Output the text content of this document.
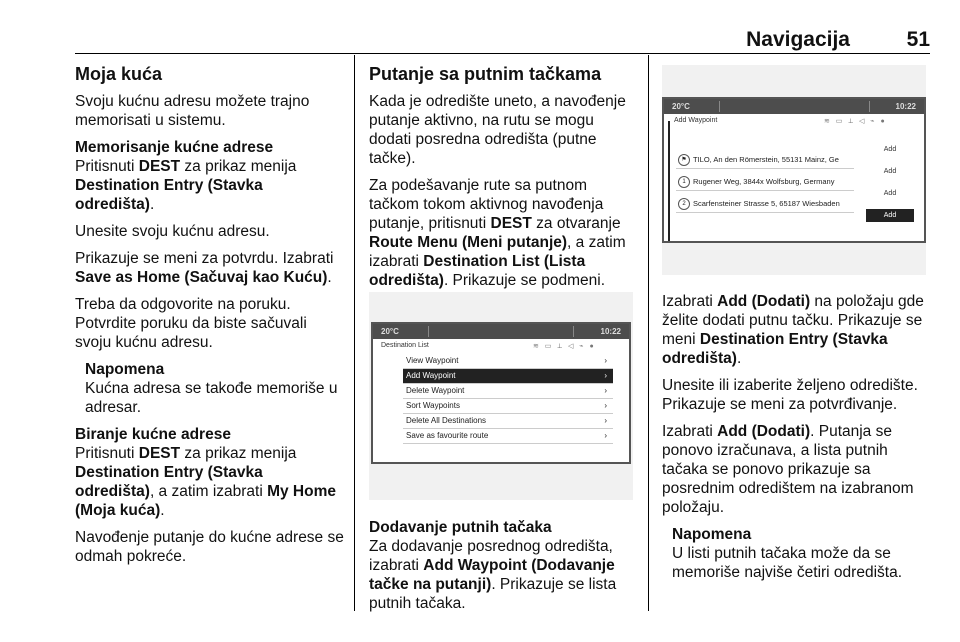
Navigacija	51
Moja kuća

Svoju kućnu adresu možete trajno memorisati u sistemu.

Memorisanje kućne adrese

Pritisnuti DEST za prikaz menija Destination Entry (Stavka odredišta).

Unesite svoju kućnu adresu.

Prikazuje se meni za potvrdu. Izabrati Save as Home (Sačuvaj kao Kuću).

Treba da odgovorite na poruku. Potvrdite poruku da biste sačuvali svoju kućnu adresu.

Napomena

Kućna adresa se takođe memoriše u adresar.

Biranje kućne adrese

Pritisnuti DEST za prikaz menija Destination Entry (Stavka odredišta), a zatim izabrati My Home (Moja kuća).

Navođenje putanje do kućne adrese se odmah pokreće.

Putanje sa putnim tačkama

Kada je odredište uneto, a navođenje putanje aktivno, na rutu se mogu dodati posredna odredišta (putne tačke).

Za podešavanje rute sa putnom tačkom tokom aktivnog navođenja putanje, pritisnuti DEST za otvaranje Route Menu (Meni putanje), a zatim izabrati Destination List (Lista odredišta). Prikazuje se podmeni.

20°C	10:22
Destination List	≋ ▭ ⟂ ◁ ⌁ ●
View Waypoint	›
Add Waypoint	›
Delete Waypoint	›
Sort Waypoints	›
Delete All Destinations	›
Save as favourite route	›
Dodavanje putnih tačaka

Za dodavanje posrednog odredišta, izabrati Add Waypoint (Dodavanje tačke na putanji). Prikazuje se lista putnih tačaka.

20°C	10:22
Add Waypoint	≋ ▭ ⟂ ◁ ⌁ ●
⚑ TILO, An den Römerstein, 55131 Mainz, Ge
1 Rugener Weg, 3844x Wolfsburg, Germany
2 Scarfensteiner Strasse 5, 65187 Wiesbaden
Add
Add
Add
Add

Izabrati Add (Dodati) na položaju gde želite dodati putnu tačku. Prikazuje se meni Destination Entry (Stavka odredišta).

Unesite ili izaberite željeno odredište. Prikazuje se meni za potvrđivanje.

Izabrati Add (Dodati). Putanja se ponovo izračunava, a lista putnih tačaka se ponovo prikazuje sa posrednim odredištem na izabranom položaju.

Napomena

U listi putnih tačaka može da se memoriše najviše četiri odredišta.
